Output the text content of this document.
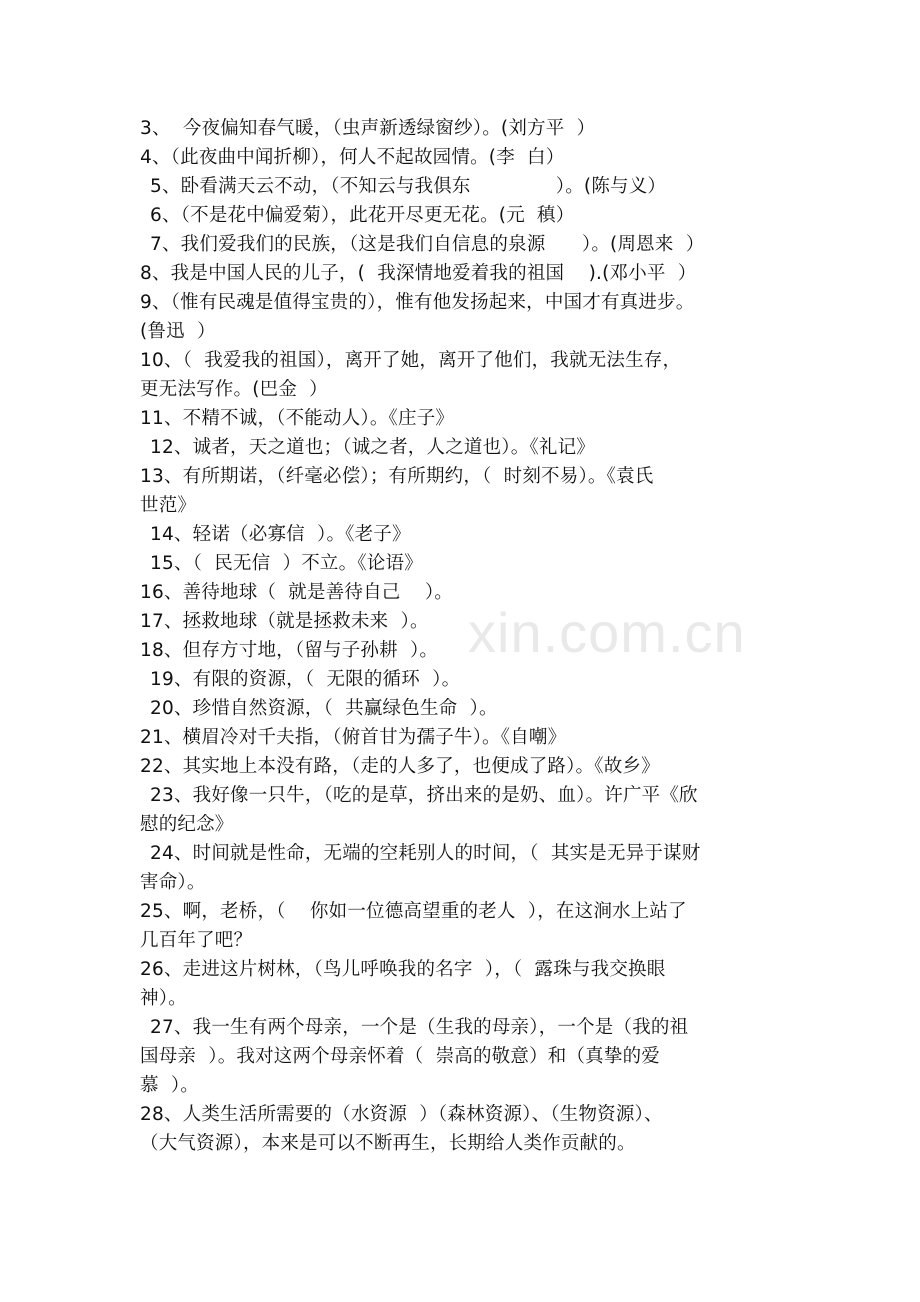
3、  今夜偏知春气暖，（虫声新透绿窗纱）。(刘方平  ）
4、（此夜曲中闻折柳），何人不起故园情。(李  白）
5、卧看满天云不动，（不知云与我俱东              ）。(陈与义）
6、（不是花中偏爱菊），此花开尽更无花。(元  稹）
7、我们爱我们的民族，（这是我们自信息的泉源      ）。(周恩来  ）
8、我是中国人民的儿子，(  我深情地爱着我的祖国    ).(邓小平  ）
9、（惟有民魂是值得宝贵的），惟有他发扬起来，中国才有真进步。
(鲁迅  ）
10、（  我爱我的祖国），离开了她，离开了他们，我就无法生存，
更无法写作。(巴金  ）
11、不精不诚，（不能动人）。《庄子》
12、诚者，天之道也；（诚之者，人之道也）。《礼记》
13、有所期诺，（纤毫必偿）；有所期约，（  时刻不易）。《袁氏
世范》
14、轻诺（必寡信  ）。《老子》
15、（  民无信  ）不立。《论语》
16、善待地球（  就是善待自己    ）。
17、拯救地球（就是拯救未来  ）。
18、但存方寸地，（留与子孙耕  ）。
19、有限的资源，（  无限的循环  ）。
20、珍惜自然资源，（  共赢绿色生命  ）。
21、横眉冷对千夫指，（俯首甘为孺子牛）。《自嘲》
22、其实地上本没有路，（走的人多了，也便成了路）。《故乡》
23、我好像一只牛，（吃的是草，挤出来的是奶、血）。许广平《欣
慰的纪念》
24、时间就是性命，无端的空耗别人的时间，（  其实是无异于谋财
害命）。
25、啊，老桥，（    你如一位德高望重的老人  ），在这涧水上站了
几百年了吧？
26、走进这片树林，（鸟儿呼唤我的名字  ），（  露珠与我交换眼
神）。
27、我一生有两个母亲，一个是（生我的母亲），一个是（我的祖
国母亲  ）。我对这两个母亲怀着（  崇高的敬意）和（真挚的爱
慕  ）。
28、人类生活所需要的（水资源  ）（森林资源）、（生物资源）、
（大气资源），本来是可以不断再生，长期给人类作贡献的。
xin.com.cn
